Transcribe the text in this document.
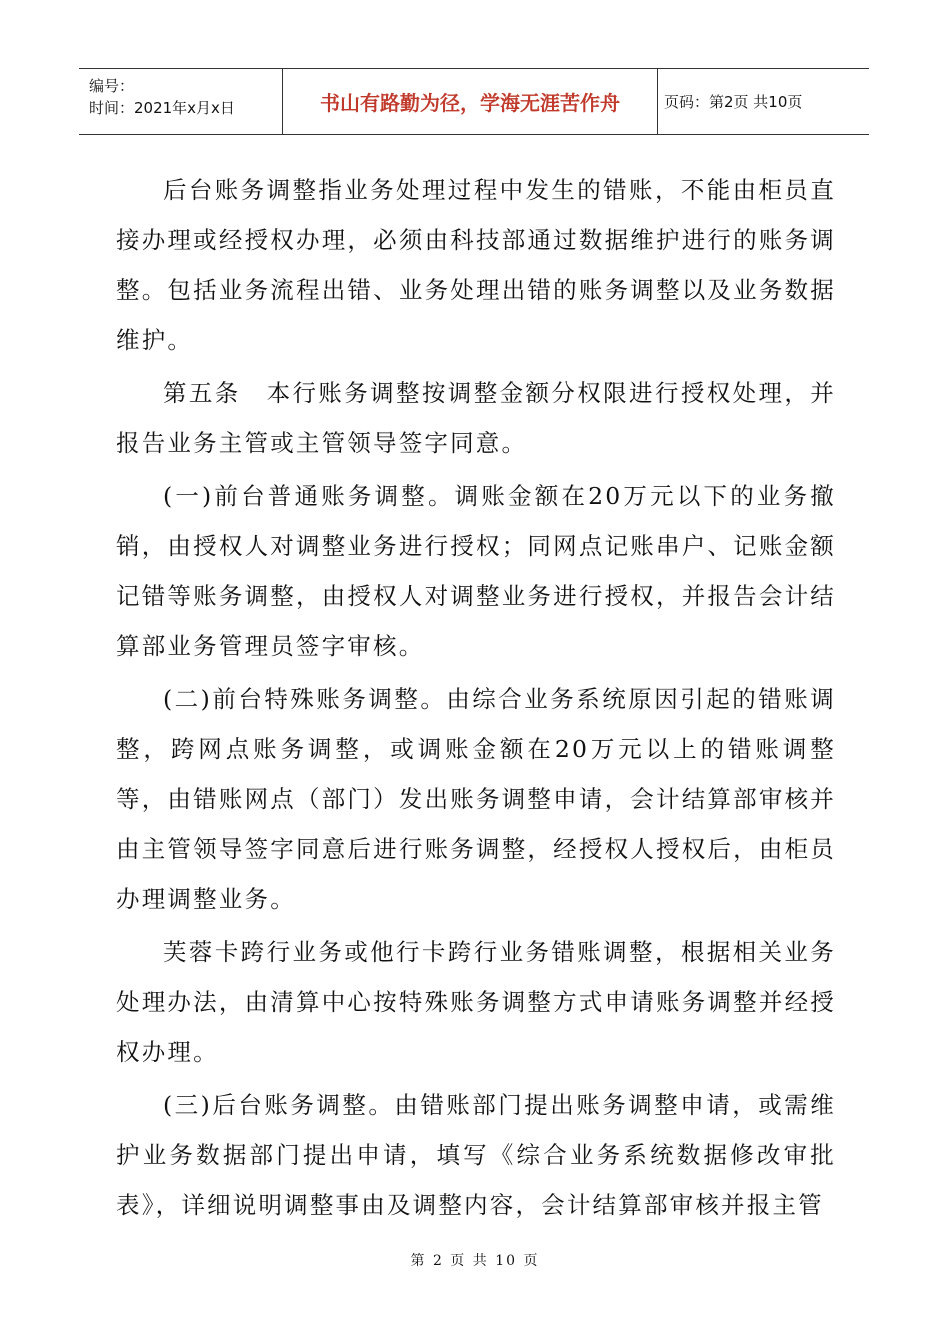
编号：
时间：2021年x月x日	书山有路勤为径，学海无涯苦作舟	页码：第2页 共10页

后台账务调整指业务处理过程中发生的错账，不能由柜员直接办理或经授权办理，必须由科技部通过数据维护进行的账务调整。包括业务流程出错、业务处理出错的账务调整以及业务数据维护。

第五条　本行账务调整按调整金额分权限进行授权处理，并报告业务主管或主管领导签字同意。

(一)前台普通账务调整。调账金额在20万元以下的业务撤销，由授权人对调整业务进行授权；同网点记账串户、记账金额记错等账务调整，由授权人对调整业务进行授权，并报告会计结算部业务管理员签字审核。

(二)前台特殊账务调整。由综合业务系统原因引起的错账调整，跨网点账务调整，或调账金额在20万元以上的错账调整等，由错账网点（部门）发出账务调整申请，会计结算部审核并由主管领导签字同意后进行账务调整，经授权人授权后，由柜员办理调整业务。

芙蓉卡跨行业务或他行卡跨行业务错账调整，根据相关业务处理办法，由清算中心按特殊账务调整方式申请账务调整并经授权办理。

(三)后台账务调整。由错账部门提出账务调整申请，或需维护业务数据部门提出申请，填写《综合业务系统数据修改审批表》，详细说明调整事由及调整内容，会计结算部审核并报主管

第 2 页 共 10 页
